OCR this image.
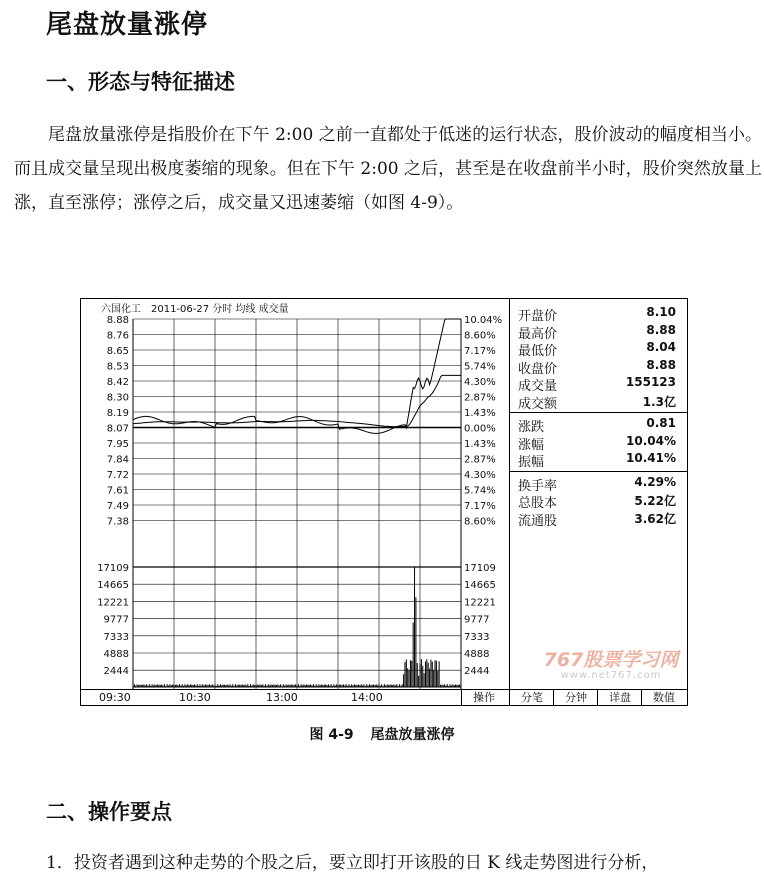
尾盘放量涨停
一、形态与特征描述
尾盘放量涨停是指股价在下午 2:00 之前一直都处于低迷的运行状态，股价波动的幅度相当小。而且成交量呈现出极度萎缩的现象。但在下午 2:00 之后，甚至是在收盘前半小时，股价突然放量上涨，直至涨停；涨停之后，成交量又迅速萎缩（如图 4-9）。
六国化工　2011-06-27 分时 均线 成交量
8.88	10.04%
8.76	8.60%
8.65	7.17%
8.53	5.74%
8.42	4.30%
8.30	2.87%
8.19	1.43%
8.07	0.00%
7.95	1.43%
7.84	2.87%
7.72	4.30%
7.61	5.74%
7.49	7.17%
7.38	8.60%
17109	17109
14665	14665
12221	12221
9777	9777
7333	7333
4888	4888
2444	2444
开盘价	8.10
最高价	8.88
最低价	8.04
收盘价	8.88
成交量	155123
成交额	1.3亿
涨跌	0.81
涨幅	10.04%
振幅	10.41%
换手率	4.29%
总股本	5.22亿
流通股	3.62亿
09:30	10:30	13:00	14:00	操作	分笔	分钟	详盘	数值
767股票学习网
www.net767.com
图 4-9 尾盘放量涨停
二、操作要点
1．投资者遇到这种走势的个股之后，要立即打开该股的日 K 线走势图进行分析，
